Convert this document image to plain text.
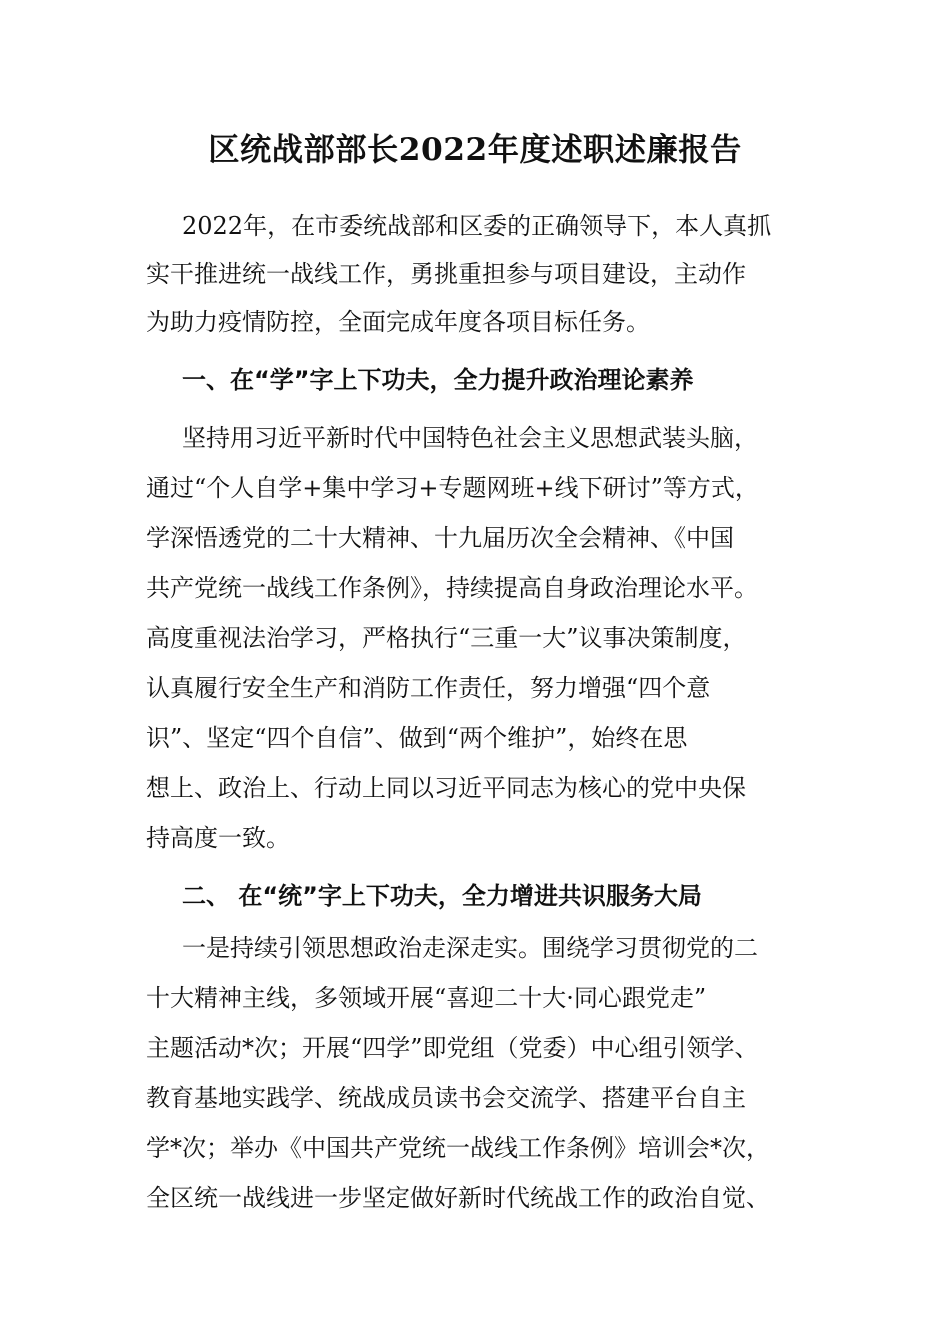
区统战部部长2022年度述职述廉报告

2022年，在市委统战部和区委的正确领导下，本人真抓

实干推进统一战线工作，勇挑重担参与项目建设，主动作

为助力疫情防控，全面完成年度各项目标任务。

一、在“学”字上下功夫，全力提升政治理论素养

坚持用习近平新时代中国特色社会主义思想武装头脑，

通过“个人自学+集中学习+专题网班+线下研讨”等方式，

学深悟透党的二十大精神、十九届历次全会精神、《中国

共产党统一战线工作条例》，持续提高自身政治理论水平。

高度重视法治学习，严格执行“三重一大”议事决策制度，

认真履行安全生产和消防工作责任，努力增强“四个意

识”、坚定“四个自信”、做到“两个维护”，始终在思

想上、政治上、行动上同以习近平同志为核心的党中央保

持高度一致。

二、 在“统”字上下功夫，全力增进共识服务大局

一是持续引领思想政治走深走实。围绕学习贯彻党的二

十大精神主线，多领域开展“喜迎二十大·同心跟党走”

主题活动*次；开展“四学”即党组（党委）中心组引领学、

教育基地实践学、统战成员读书会交流学、搭建平台自主

学*次；举办《中国共产党统一战线工作条例》培训会*次，

全区统一战线进一步坚定做好新时代统战工作的政治自觉、
